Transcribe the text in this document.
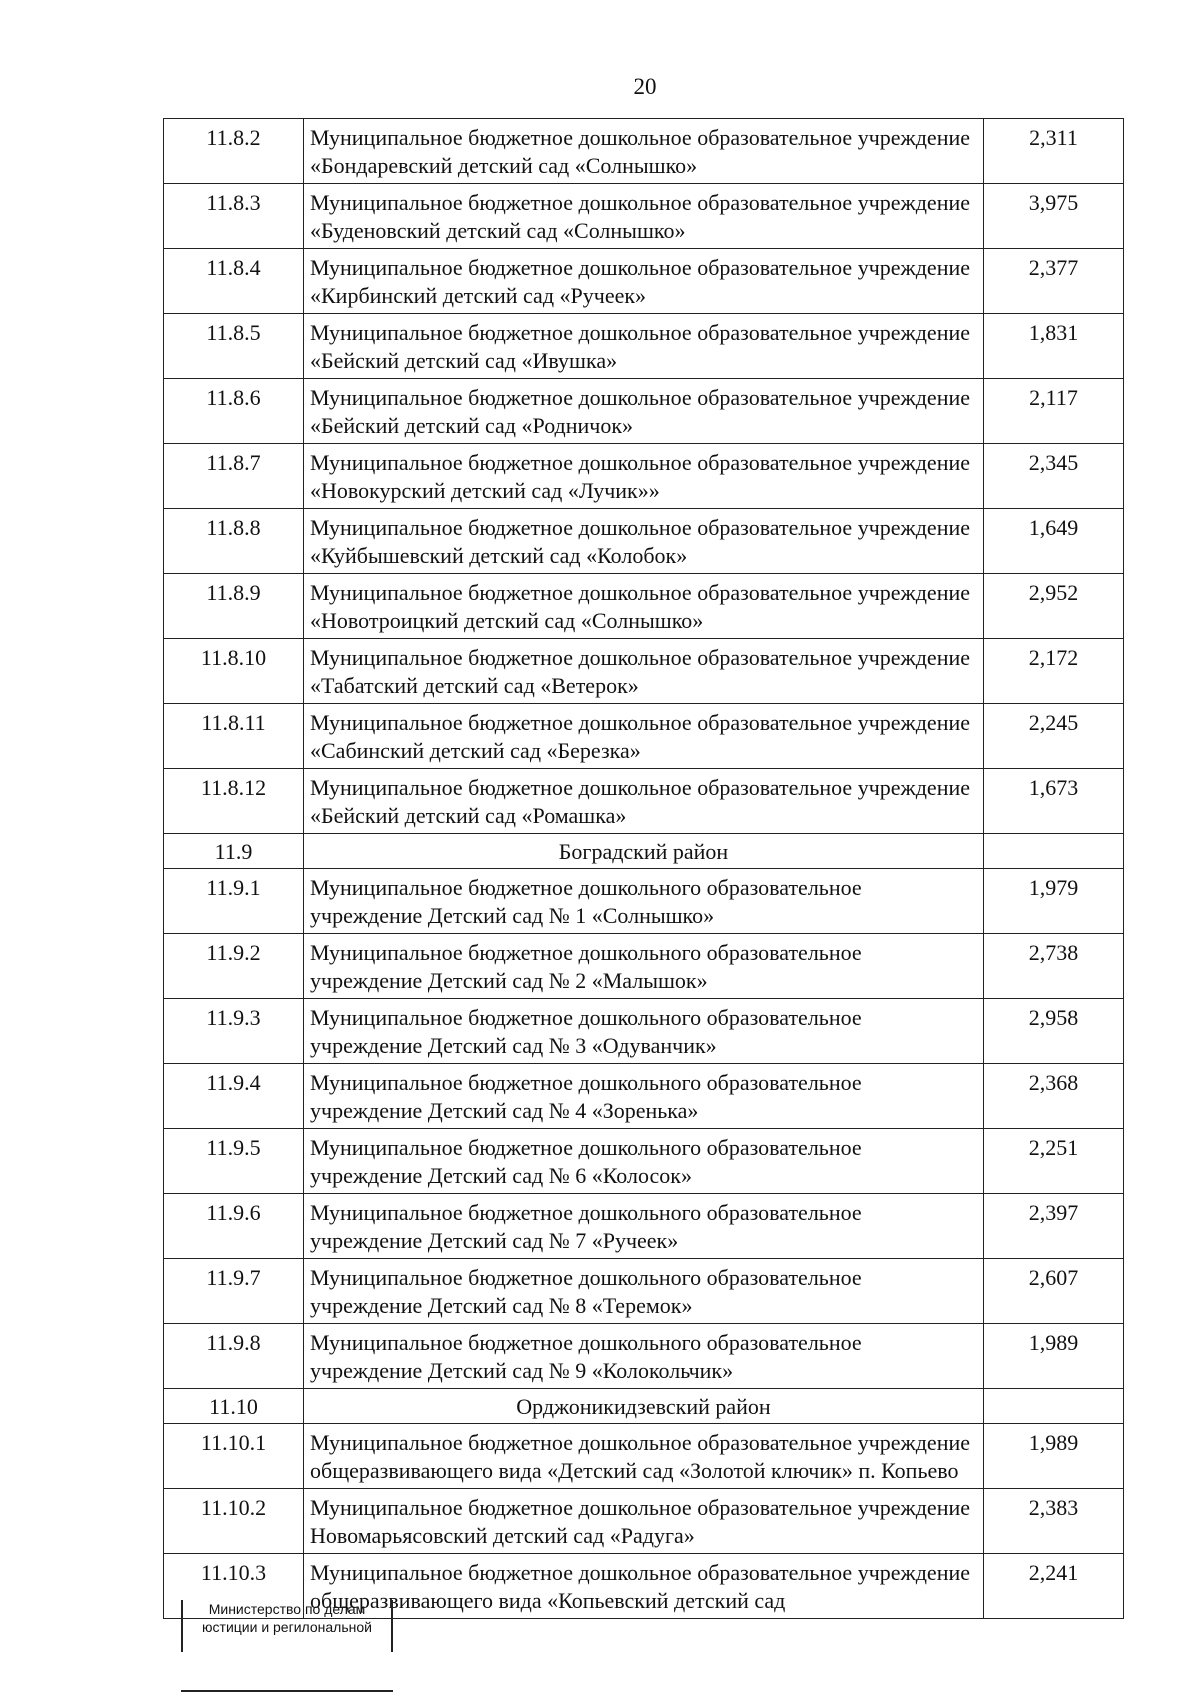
20
11.8.2	Муниципальное бюджетное дошкольное образовательное учреждение «Бондаревский детский сад «Солнышко»	2,311
11.8.3	Муниципальное бюджетное дошкольное образовательное учреждение «Буденовский детский сад «Солнышко»	3,975
11.8.4	Муниципальное бюджетное дошкольное образовательное учреждение «Кирбинский детский сад «Ручеек»	2,377
11.8.5	Муниципальное бюджетное дошкольное образовательное учреждение «Бейский детский сад «Ивушка»	1,831
11.8.6	Муниципальное бюджетное дошкольное образовательное учреждение «Бейский детский сад «Родничок»	2,117
11.8.7	Муниципальное бюджетное дошкольное образовательное учреждение «Новокурский детский сад «Лучик»»	2,345
11.8.8	Муниципальное бюджетное дошкольное образовательное учреждение «Куйбышевский детский сад «Колобок»	1,649
11.8.9	Муниципальное бюджетное дошкольное образовательное учреждение «Новотроицкий детский сад «Солнышко»	2,952
11.8.10	Муниципальное бюджетное дошкольное образовательное учреждение «Табатский детский сад «Ветерок»	2,172
11.8.11	Муниципальное бюджетное дошкольное образовательное учреждение «Сабинский детский сад «Березка»	2,245
11.8.12	Муниципальное бюджетное дошкольное образовательное учреждение «Бейский детский сад «Ромашка»	1,673
11.9	Боградский район	
11.9.1	Муниципальное бюджетное дошкольного образовательное учреждение Детский сад № 1 «Солнышко»	1,979
11.9.2	Муниципальное бюджетное дошкольного образовательное учреждение Детский сад № 2 «Малышок»	2,738
11.9.3	Муниципальное бюджетное дошкольного образовательное учреждение Детский сад № 3 «Одуванчик»	2,958
11.9.4	Муниципальное бюджетное дошкольного образовательное учреждение Детский сад № 4 «Зоренька»	2,368
11.9.5	Муниципальное бюджетное дошкольного образовательное учреждение Детский сад № 6 «Колосок»	2,251
11.9.6	Муниципальное бюджетное дошкольного образовательное учреждение Детский сад № 7 «Ручеек»	2,397
11.9.7	Муниципальное бюджетное дошкольного образовательное учреждение Детский сад № 8 «Теремок»	2,607
11.9.8	Муниципальное бюджетное дошкольного образовательное учреждение Детский сад № 9 «Колокольчик»	1,989
11.10	Орджоникидзевский район	
11.10.1	Муниципальное бюджетное дошкольное образовательное учреждение общеразвивающего вида «Детский сад «Золотой ключик» п. Копьево	1,989
11.10.2	Муниципальное бюджетное дошкольное образовательное учреждение Новомарьясовский детский сад «Радуга»	2,383
11.10.3	Муниципальное бюджетное дошкольное образовательное учреждение общеразвивающего вида «Копьевский детский сад	2,241
Министерство по делам
юстиции и регилональной
